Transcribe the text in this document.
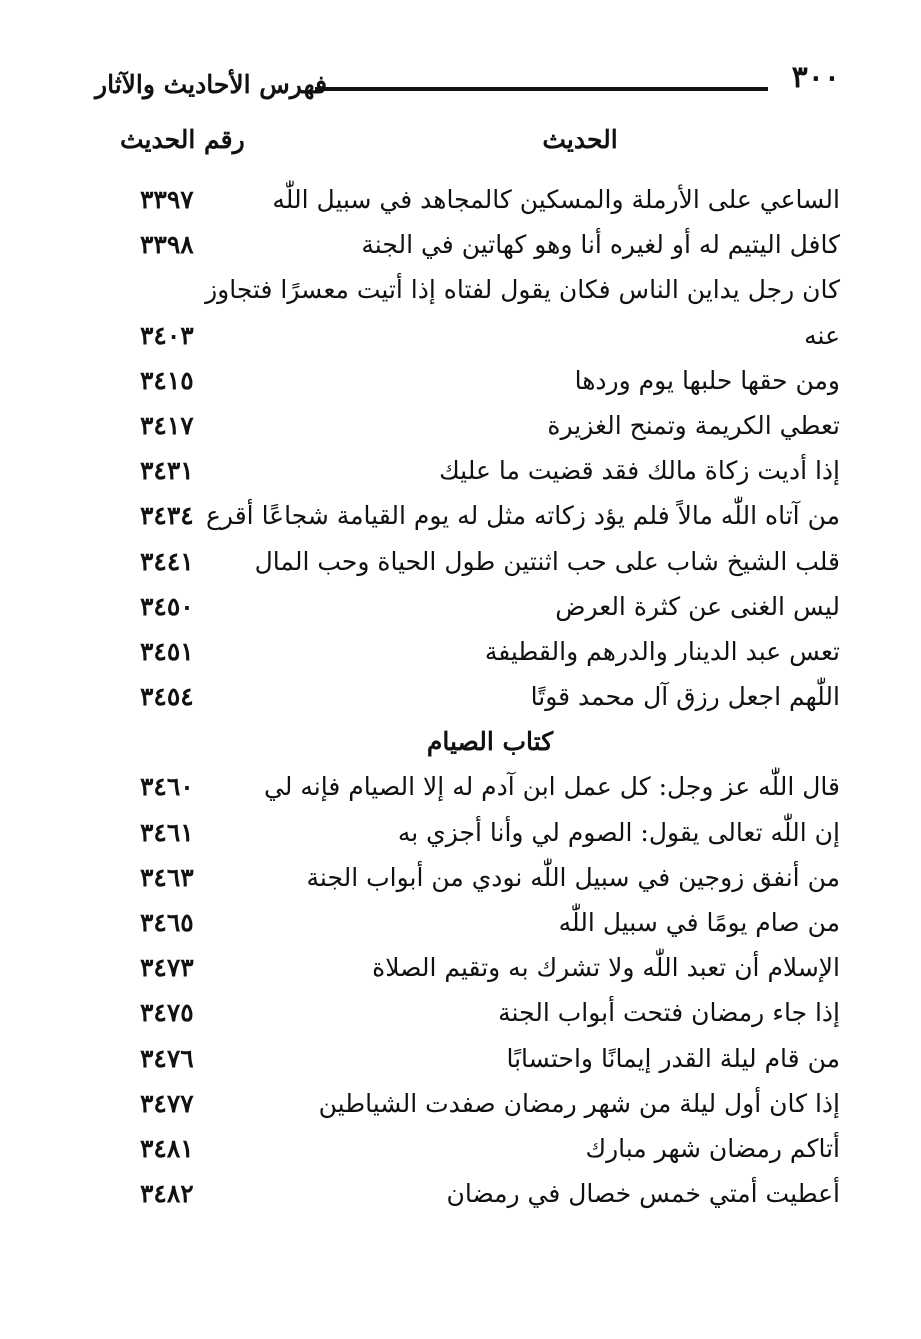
٣٠٠
فهرس الأحاديث والآثار
الحديث
رقم الحديث
الساعي على الأرملة والمسكين كالمجاهد في سبيل اللّٰه
٣٣٩٧
كافل اليتيم له أو لغيره أنا وهو كهاتين في الجنة
٣٣٩٨
كان رجل يداين الناس فكان يقول لفتاه إذا أتيت معسرًا فتجاوز
عنه
٣٤٠٣
ومن حقها حلبها يوم وردها
٣٤١٥
تعطي الكريمة وتمنح الغزيرة
٣٤١٧
إذا أديت زكاة مالك فقد قضيت ما عليك
٣٤٣١
من آتاه اللّٰه مالاً فلم يؤد زكاته مثل له يوم القيامة شجاعًا أقرع
٣٤٣٤
قلب الشيخ شاب على حب اثنتين طول الحياة وحب المال
٣٤٤١
ليس الغنى عن كثرة العرض
٣٤٥٠
تعس عبد الدينار والدرهم والقطيفة
٣٤٥١
اللّٰهم اجعل رزق آل محمد قوتًا
٣٤٥٤
كتاب الصيام
قال اللّٰه عز وجل: كل عمل ابن آدم له إلا الصيام فإنه لي
٣٤٦٠
إن اللّٰه تعالى يقول: الصوم لي وأنا أجزي به
٣٤٦١
من أنفق زوجين في سبيل اللّٰه نودي من أبواب الجنة
٣٤٦٣
من صام يومًا في سبيل اللّٰه
٣٤٦٥
الإسلام أن تعبد اللّٰه ولا تشرك به وتقيم الصلاة
٣٤٧٣
إذا جاء رمضان فتحت أبواب الجنة
٣٤٧٥
من قام ليلة القدر إيمانًا واحتسابًا
٣٤٧٦
إذا كان أول ليلة من شهر رمضان صفدت الشياطين
٣٤٧٧
أتاكم رمضان شهر مبارك
٣٤٨١
أعطيت أمتي خمس خصال في رمضان
٣٤٨٢
